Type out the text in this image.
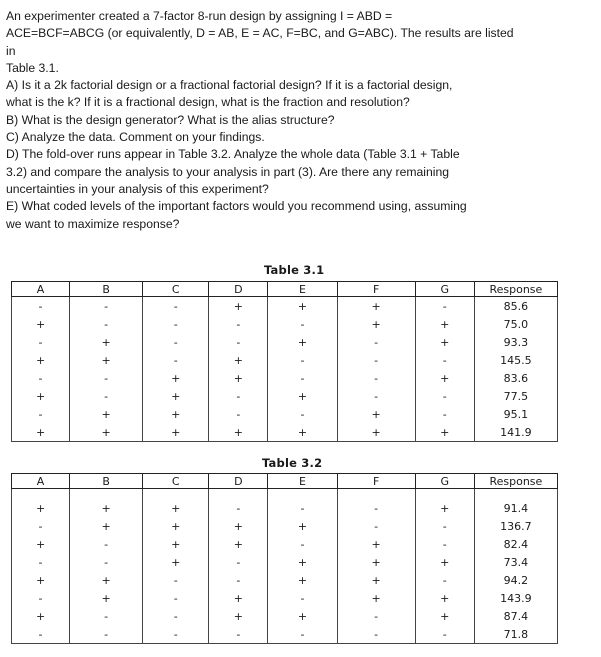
An experimenter created a 7-factor 8-run design by assigning I = ABD =
ACE=BCF=ABCG (or equivalently, D = AB, E = AC, F=BC, and G=ABC). The results are listed
in
Table 3.1.
A) Is it a 2k factorial design or a fractional factorial design? If it is a factorial design,
what is the k? If it is a fractional design, what is the fraction and resolution?
B) What is the design generator? What is the alias structure?
C) Analyze the data. Comment on your findings.
D) The fold-over runs appear in Table 3.2. Analyze the whole data (Table 3.1 + Table
3.2) and compare the analysis to your analysis in part (3). Are there any remaining
uncertainties in your analysis of this experiment?
E) What coded levels of the important factors would you recommend using, assuming
we want to maximize response?
Table 3.1
A	B	C	D	E	F	G	Response
-	-	-	+	+	+	-	85.6
+	-	-	-	-	+	+	75.0
-	+	-	-	+	-	+	93.3
+	+	-	+	-	-	-	145.5
-	-	+	+	-	-	+	83.6
+	-	+	-	+	-	-	77.5
-	+	+	-	-	+	-	95.1
+	+	+	+	+	+	+	141.9
Table 3.2
A	B	C	D	E	F	G	Response

+	+	+	-	-	-	+	91.4
-	+	+	+	+	-	-	136.7
+	-	+	+	-	+	-	82.4
-	-	+	-	+	+	+	73.4
+	+	-	-	+	+	-	94.2
-	+	-	+	-	+	+	143.9
+	-	-	+	+	-	+	87.4
-	-	-	-	-	-	-	71.8
